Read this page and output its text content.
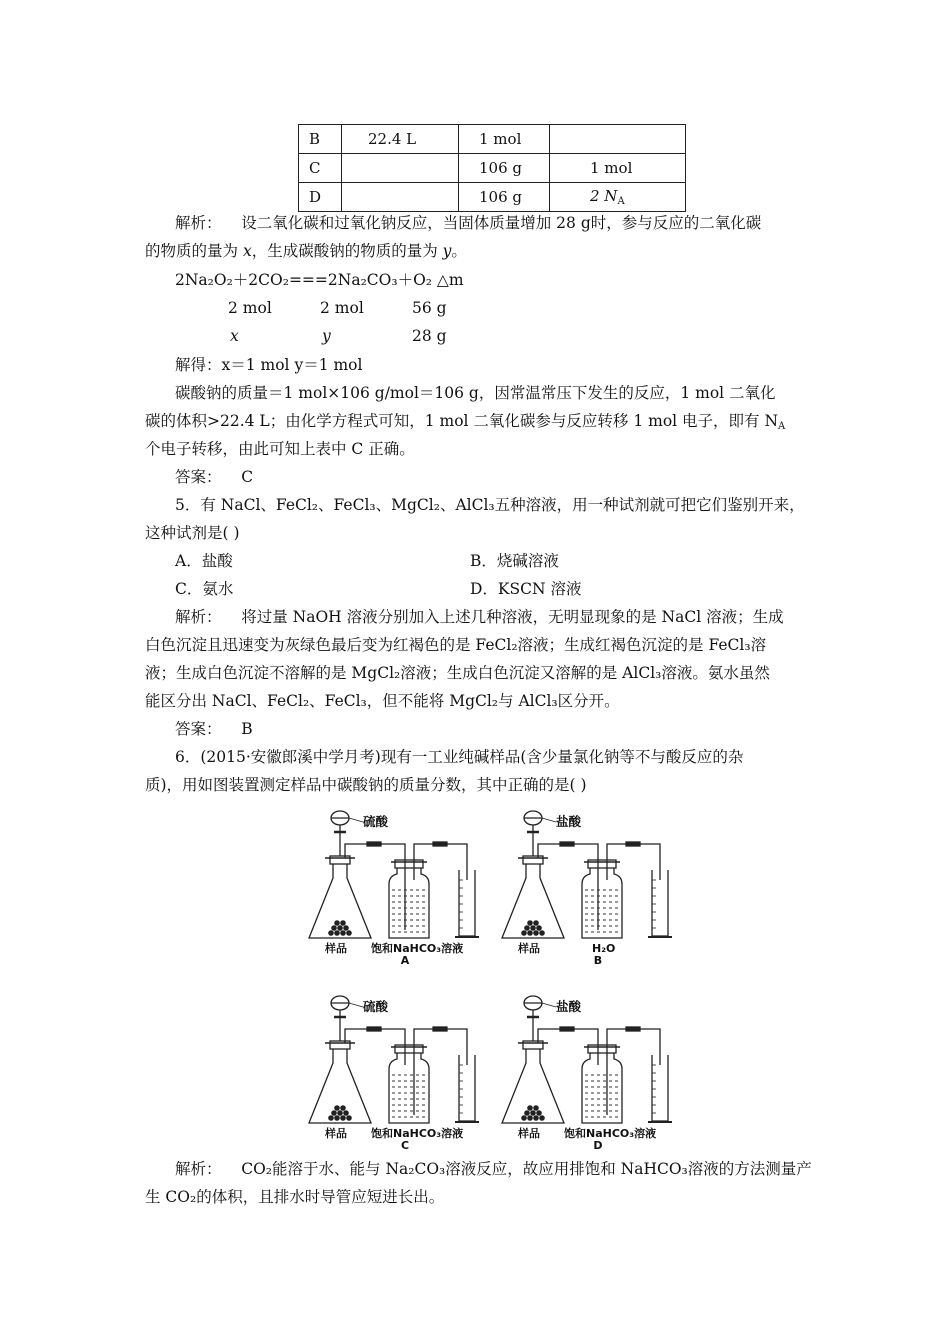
B	22.4 L	1 mol	
C		106 g	1 mol
D		106 g	2 $N_A$
解析： 设二氧化碳和过氧化钠反应，当固体质量增加 28 g时，参与反应的二氧化碳
的物质的量为 x，生成碳酸钠的物质的量为 y。
2Na₂O₂＋2CO₂===2Na₂CO₃＋O₂ △m
2 mol	2 mol	56 g
x	y	28 g
解得：x＝1 mol y＝1 mol
碳酸钠的质量＝1 mol×106 g/mol＝106 g，因常温常压下发生的反应，1 mol 二氧化
碳的体积>22.4 L；由化学方程式可知，1 mol 二氧化碳参与反应转移 1 mol 电子，即有 $N_A$
个电子转移，由此可知上表中 C 正确。
答案： C
5．有 NaCl、FeCl₂、FeCl₃、MgCl₂、AlCl₃五种溶液，用一种试剂就可把它们鉴别开来，
这种试剂是( )
A．盐酸	B．烧碱溶液
C．氨水	D．KSCN 溶液
解析： 将过量 NaOH 溶液分别加入上述几种溶液，无明显现象的是 NaCl 溶液；生成
白色沉淀且迅速变为灰绿色最后变为红褐色的是 FeCl₂溶液；生成红褐色沉淀的是 FeCl₃溶
液；生成白色沉淀不溶解的是 MgCl₂溶液；生成白色沉淀又溶解的是 AlCl₃溶液。氨水虽然
能区分出 NaCl、FeCl₂、FeCl₃，但不能将 MgCl₂与 AlCl₃区分开。
答案： B
6．(2015·安徽郎溪中学月考)现有一工业纯碱样品(含少量氯化钠等不与酸反应的杂
质)，用如图装置测定样品中碳酸钠的质量分数，其中正确的是( )
硫酸
样品 饱和NaHCO₃溶液
A
盐酸
样品	H₂O
B
硫酸
样品 饱和NaHCO₃溶液
C
盐酸
样品 饱和NaHCO₃溶液
D
解析： CO₂能溶于水、能与 Na₂CO₃溶液反应，故应用排饱和 NaHCO₃溶液的方法测量产
生 CO₂的体积，且排水时导管应短进长出。
